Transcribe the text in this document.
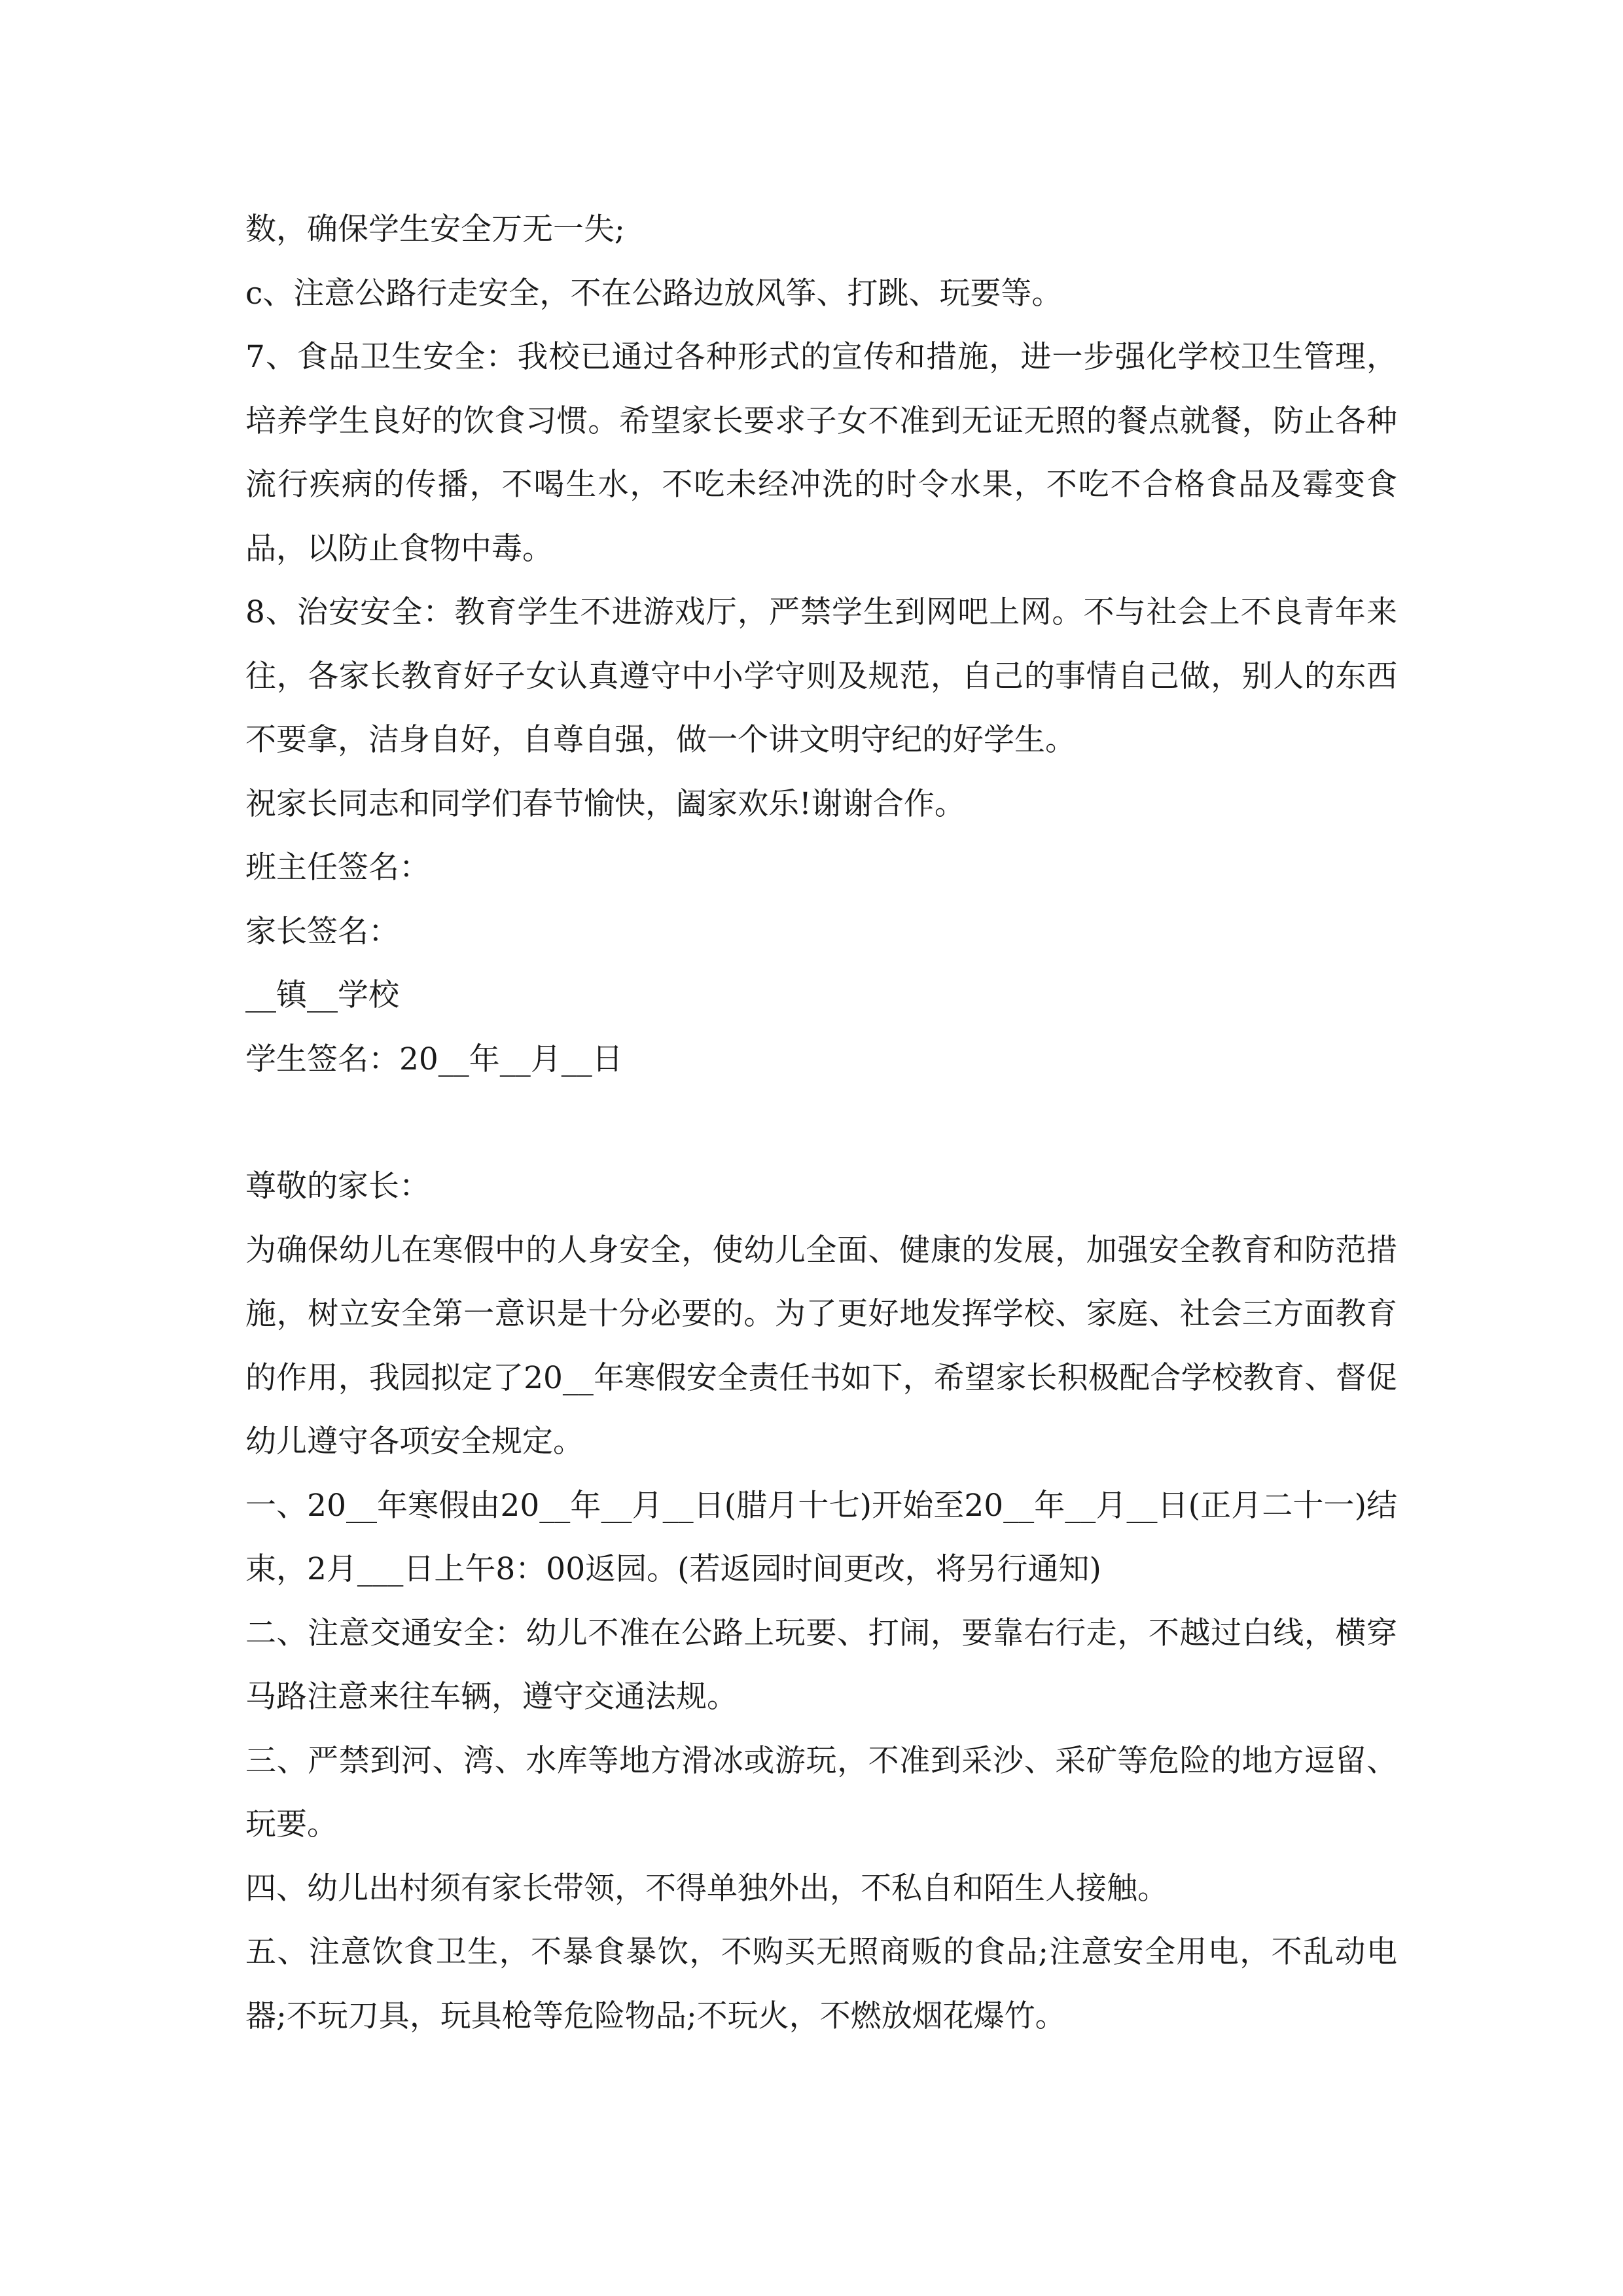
数，确保学生安全万无一失;

c、注意公路行走安全，不在公路边放风筝、打跳、玩要等。

7、食品卫生安全：我校已通过各种形式的宣传和措施，进一步强化学校卫生管理，培养学生良好的饮食习惯。希望家长要求子女不准到无证无照的餐点就餐，防止各种流行疾病的传播，不喝生水，不吃未经冲洗的时令水果，不吃不合格食品及霉变食品，以防止食物中毒。

8、治安安全：教育学生不进游戏厅，严禁学生到网吧上网。不与社会上不良青年来往，各家长教育好子女认真遵守中小学守则及规范，自己的事情自己做，别人的东西不要拿，洁身自好，自尊自强，做一个讲文明守纪的好学生。

祝家长同志和同学们春节愉快，阖家欢乐!谢谢合作。

班主任签名：

家长签名：

__镇__学校

学生签名：20__年__月__日

尊敬的家长：

为确保幼儿在寒假中的人身安全，使幼儿全面、健康的发展，加强安全教育和防范措施，树立安全第一意识是十分必要的。为了更好地发挥学校、家庭、社会三方面教育的作用，我园拟定了20__年寒假安全责任书如下，希望家长积极配合学校教育、督促幼儿遵守各项安全规定。

一、20__年寒假由20__年__月__日(腊月十七)开始至20__年__月__日(正月二十一)结束，2月___日上午8：00返园。(若返园时间更改，将另行通知)

二、注意交通安全：幼儿不准在公路上玩要、打闹，要靠右行走，不越过白线，横穿马路注意来往车辆，遵守交通法规。

三、严禁到河、湾、水库等地方滑冰或游玩，不准到采沙、采矿等危险的地方逗留、玩要。

四、幼儿出村须有家长带领，不得单独外出，不私自和陌生人接触。

五、注意饮食卫生，不暴食暴饮，不购买无照商贩的食品;注意安全用电，不乱动电器;不玩刀具，玩具枪等危险物品;不玩火，不燃放烟花爆竹。
